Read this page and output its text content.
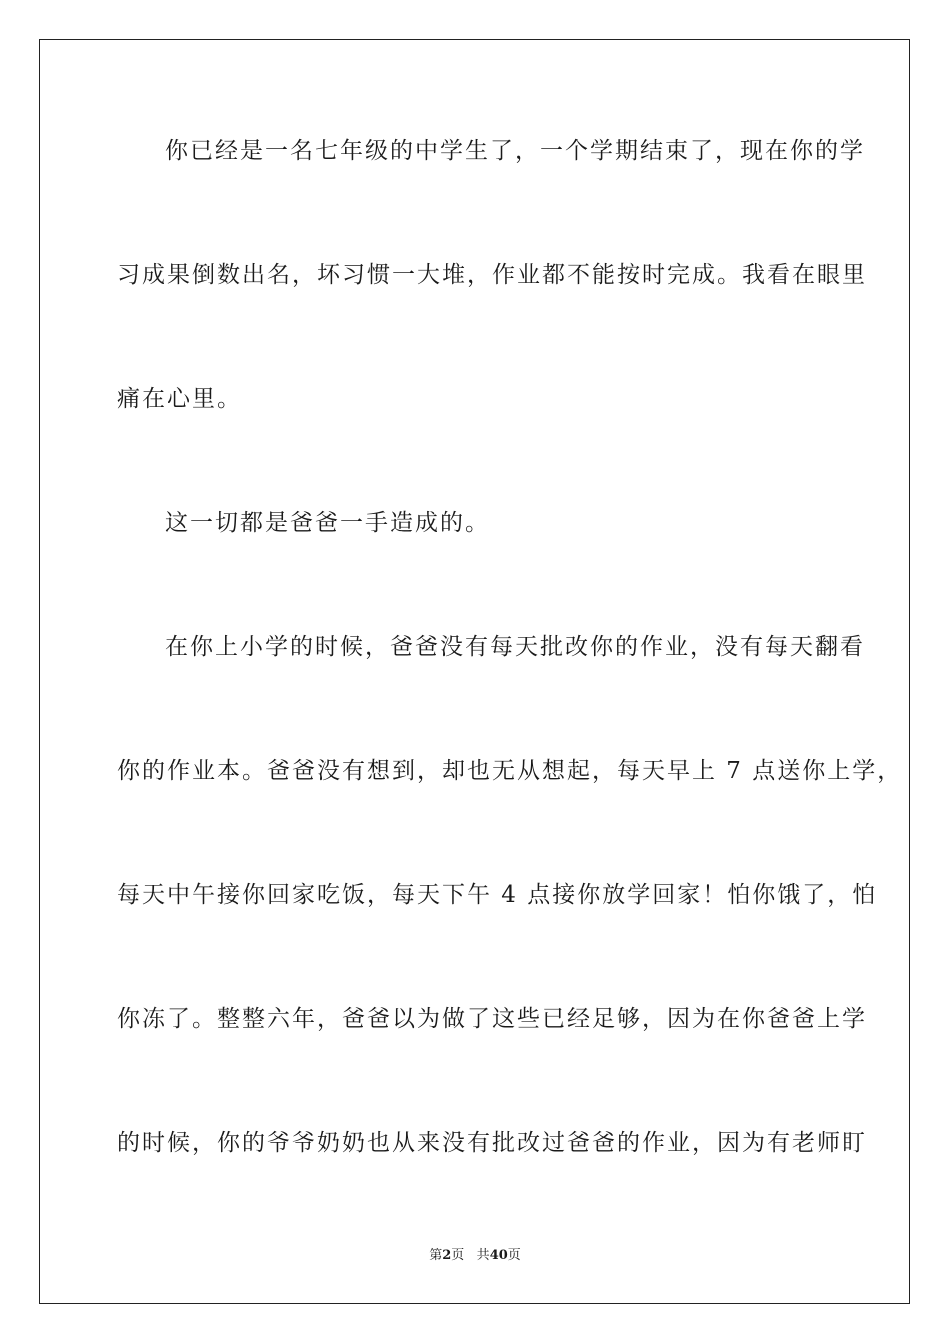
你已经是一名七年级的中学生了，一个学期结束了，现在你的学
习成果倒数出名，坏习惯一大堆，作业都不能按时完成。我看在眼里
痛在心里。
这一切都是爸爸一手造成的。
在你上小学的时候，爸爸没有每天批改你的作业，没有每天翻看
你的作业本。爸爸没有想到，却也无从想起，每天早上 7 点送你上学，
每天中午接你回家吃饭，每天下午 4 点接你放学回家！怕你饿了，怕
你冻了。整整六年，爸爸以为做了这些已经足够，因为在你爸爸上学
的时候，你的爷爷奶奶也从来没有批改过爸爸的作业，因为有老师盯
第2页 共40页
